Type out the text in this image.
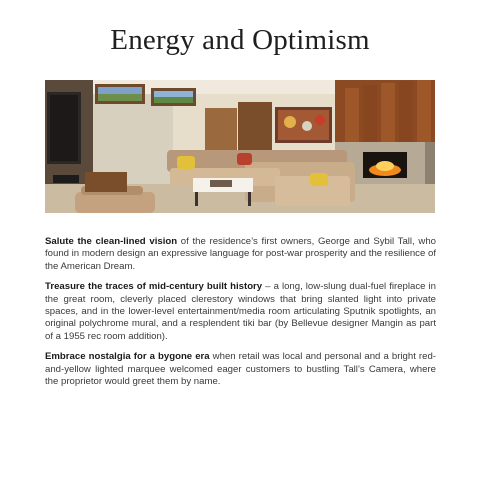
Energy and Optimism

Salute the clean-lined vision of the residence’s first owners, George and Sybil Tall, who found in modern design an expressive language for post-war prosperity and the resilience of the American Dream.

Treasure the traces of mid-century built history – a long, low-slung dual-fuel fireplace in the great room, cleverly placed clerestory windows that bring slanted light into private spaces, and in the lower-level entertainment/media room articulating Sputnik spotlights, an original polychrome mural, and a resplendent tiki bar (by Bellevue designer Mangin as part of a 1955 rec room addition).

Embrace nostalgia for a bygone era when retail was local and personal and a bright red-and-yellow lighted marquee welcomed eager customers to bustling Tall’s Camera, where the proprietor would greet them by name.
